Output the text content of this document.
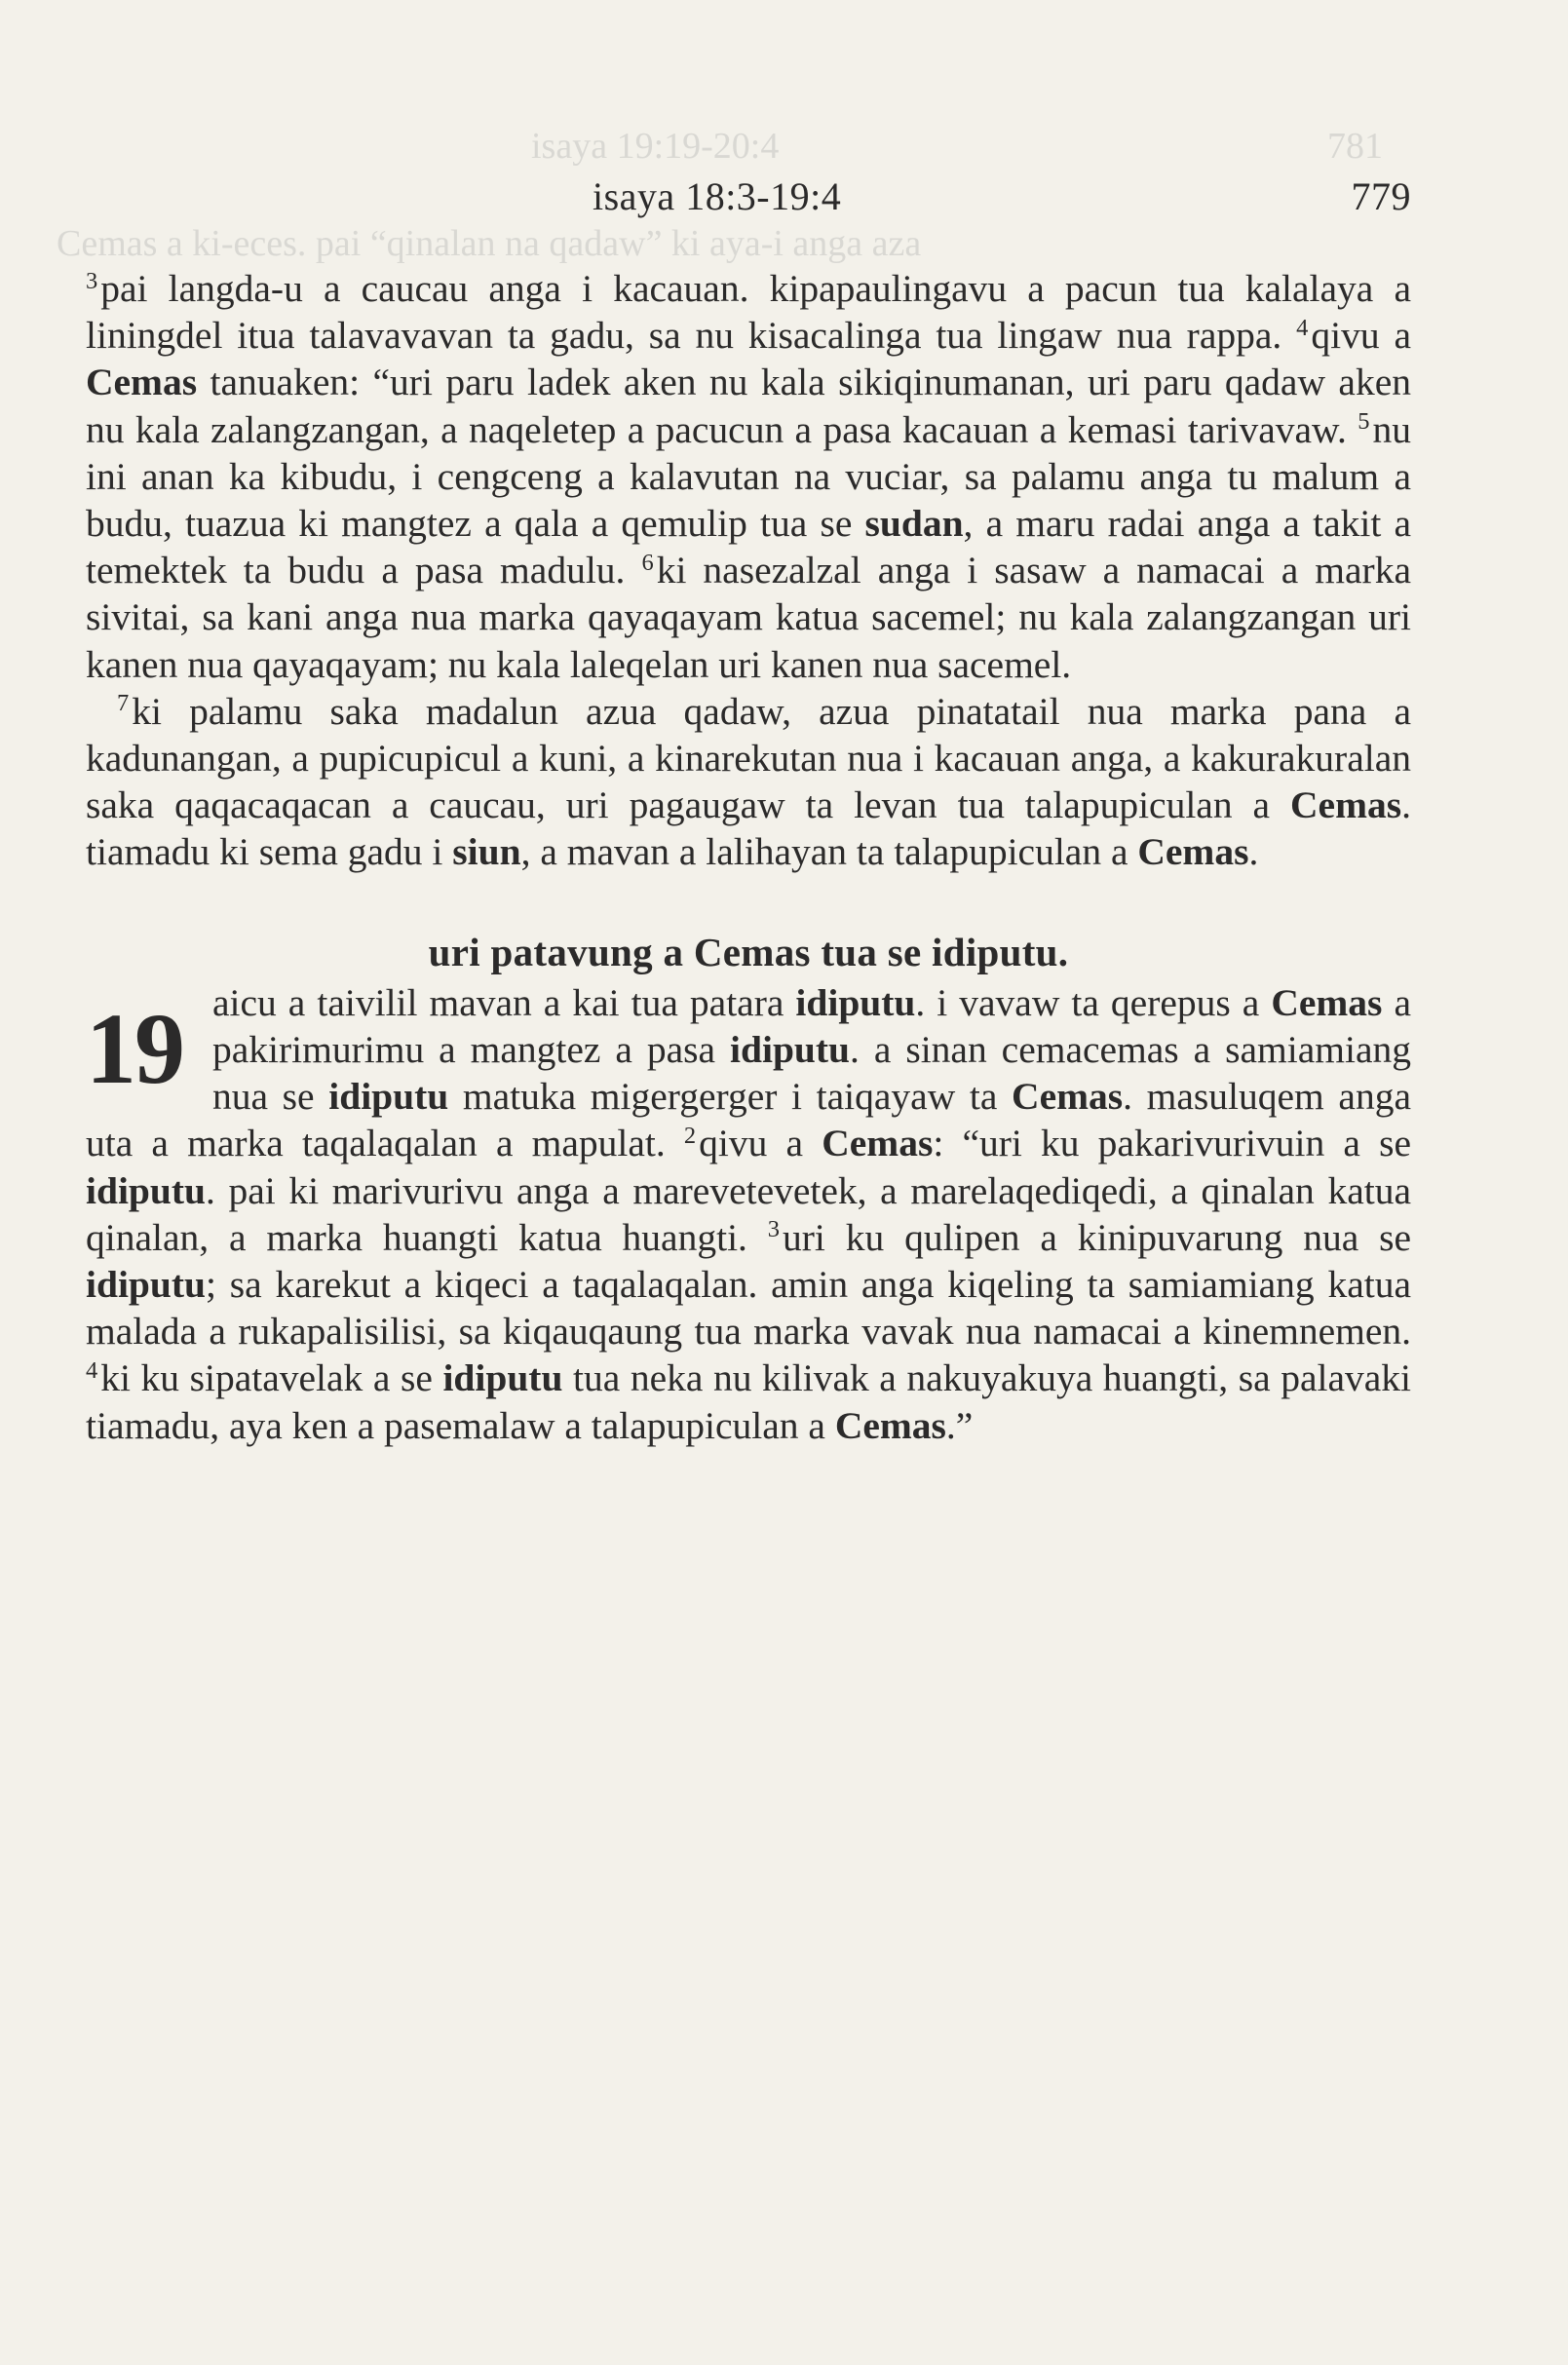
isaya 19:19-20:4	781
Cemas a ki-eces. pai “qinalan na qadaw” ki aya-i anga aza
isaya 18:3-19:4	779

$^3$pai langda-u a caucau anga i kacauan. kipapaulingavu a pacun tua kalalaya a liningdel itua talavavavan ta gadu, sa nu kisacalinga tua lingaw nua rappa. $^4$qivu a Cemas tanuaken: “uri paru ladek aken nu kala sikiqinumanan, uri paru qadaw aken nu kala zalangzangan, a naqeletep a pacucun a pasa kacauan a kemasi tarivavaw. $^5$nu ini anan ka kibudu, i cengceng a kalavutan na vuciar, sa palamu anga tu malum a budu, tuazua ki mangtez a qala a qemulip tua se sudan, a maru radai anga a takit a temektek ta budu a pasa madulu. $^6$ki nasezalzal anga i sasaw a namacai a marka sivitai, sa kani anga nua marka qayaqayam katua sacemel; nu kala zalangzangan uri kanen nua qayaqayam; nu kala laleqelan uri kanen nua sacemel.

$^7$ki palamu saka madalun azua qadaw, azua pinatatail nua marka pana a kadunangan, a pupicupicul a kuni, a kinarekutan nua i kacauan anga, a kakurakuralan saka qaqacaqacan a caucau, uri pagaugaw ta levan tua talapupiculan a Cemas. tiamadu ki sema gadu i siun, a mavan a lalihayan ta talapupiculan a Cemas.

uri patavung a Cemas tua se idiputu.

19 aicu a taivilil mavan a kai tua patara idiputu. i vavaw ta qerepus a Cemas a pakirimurimu a mangtez a pasa idiputu. a sinan cemacemas a samiamiang nua se idiputu matuka migergerger i taiqayaw ta Cemas. masuluqem anga uta a marka taqalaqalan a mapulat. $^2$qivu a Cemas: “uri ku pakarivurivuin a se idiputu. pai ki marivurivu anga a marevetevetek, a marelaqediqedi, a qinalan katua qinalan, a marka huangti katua huangti. $^3$uri ku qulipen a kinipuvarung nua se idiputu; sa karekut a kiqeci a taqalaqalan. amin anga kiqeling ta samiamiang katua malada a rukapalisilisi, sa kiqauqaung tua marka vavak nua namacai a kinemnemen. $^4$ki ku sipatavelak a se idiputu tua neka nu kilivak a nakuyakuya huangti, sa palavaki tiamadu, aya ken a pasemalaw a talapupiculan a Cemas.”
